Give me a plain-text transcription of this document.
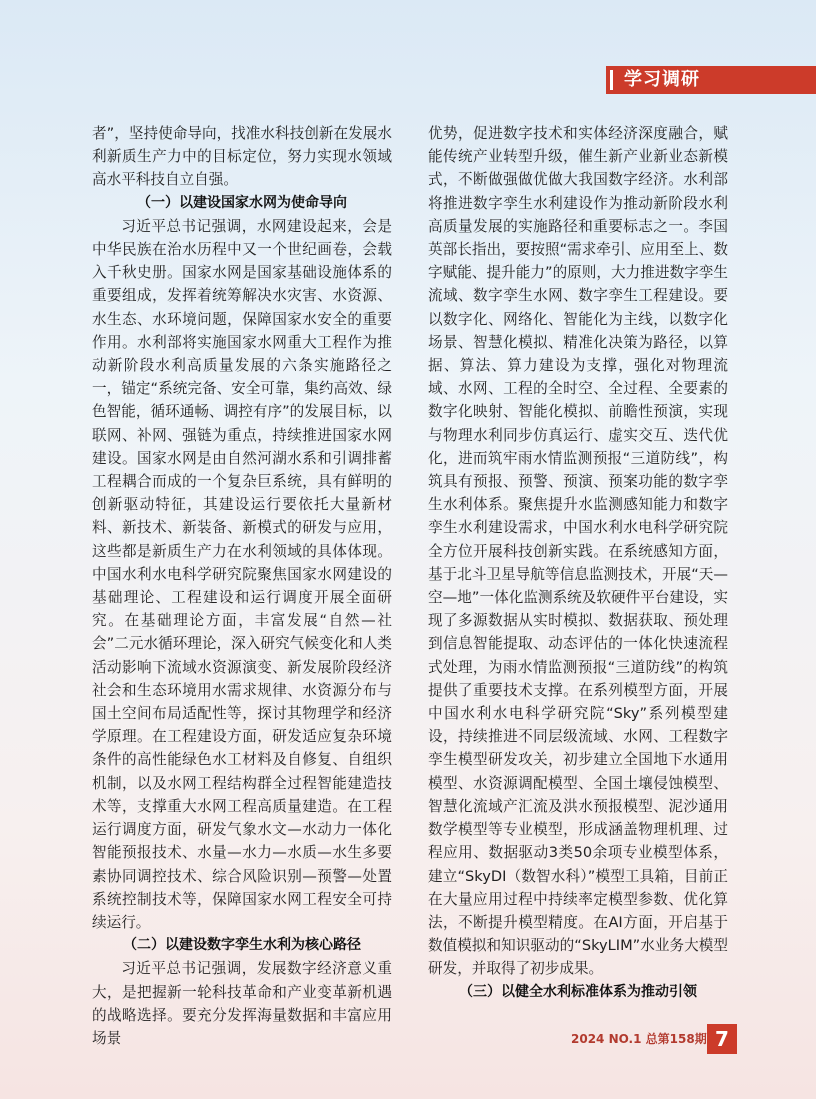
学习调研

者”，坚持使命导向，找准水科技创新在发展水利新质生产力中的目标定位，努力实现水领域高水平科技自立自强。

（一）以建设国家水网为使命导向

习近平总书记强调，水网建设起来，会是中华民族在治水历程中又一个世纪画卷，会载入千秋史册。国家水网是国家基础设施体系的重要组成，发挥着统筹解决水灾害、水资源、水生态、水环境问题，保障国家水安全的重要作用。水利部将实施国家水网重大工程作为推动新阶段水利高质量发展的六条实施路径之一，锚定“系统完备、安全可靠，集约高效、绿色智能，循环通畅、调控有序”的发展目标，以联网、补网、强链为重点，持续推进国家水网建设。国家水网是由自然河湖水系和引调排蓄工程耦合而成的一个复杂巨系统，具有鲜明的创新驱动特征，其建设运行要依托大量新材料、新技术、新装备、新模式的研发与应用，这些都是新质生产力在水利领域的具体体现。中国水利水电科学研究院聚焦国家水网建设的基础理论、工程建设和运行调度开展全面研究。在基础理论方面，丰富发展“自然—社会”二元水循环理论，深入研究气候变化和人类活动影响下流域水资源演变、新发展阶段经济社会和生态环境用水需求规律、水资源分布与国土空间布局适配性等，探讨其物理学和经济学原理。在工程建设方面，研发适应复杂环境条件的高性能绿色水工材料及自修复、自组织机制，以及水网工程结构群全过程智能建造技术等，支撑重大水网工程高质量建造。在工程运行调度方面，研发气象水文—水动力一体化智能预报技术、水量—水力—水质—水生多要素协同调控技术、综合风险识别—预警—处置系统控制技术等，保障国家水网工程安全可持续运行。

（二）以建设数字孪生水利为核心路径

习近平总书记强调，发展数字经济意义重大，是把握新一轮科技革命和产业变革新机遇的战略选择。要充分发挥海量数据和丰富应用场景

优势，促进数字技术和实体经济深度融合，赋能传统产业转型升级，催生新产业新业态新模式，不断做强做优做大我国数字经济。水利部将推进数字孪生水利建设作为推动新阶段水利高质量发展的实施路径和重要标志之一。李国英部长指出，要按照“需求牵引、应用至上、数字赋能、提升能力”的原则，大力推进数字孪生流域、数字孪生水网、数字孪生工程建设。要以数字化、网络化、智能化为主线，以数字化场景、智慧化模拟、精准化决策为路径，以算据、算法、算力建设为支撑，强化对物理流域、水网、工程的全时空、全过程、全要素的数字化映射、智能化模拟、前瞻性预演，实现与物理水利同步仿真运行、虚实交互、迭代优化，进而筑牢雨水情监测预报“三道防线”，构筑具有预报、预警、预演、预案功能的数字孪生水利体系。聚焦提升水监测感知能力和数字孪生水利建设需求，中国水利水电科学研究院全方位开展科技创新实践。在系统感知方面，基于北斗卫星导航等信息监测技术，开展“天—空—地”一体化监测系统及软硬件平台建设，实现了多源数据从实时模拟、数据获取、预处理到信息智能提取、动态评估的一体化快速流程式处理，为雨水情监测预报“三道防线”的构筑提供了重要技术支撑。在系列模型方面，开展中国水利水电科学研究院“Sky”系列模型建设，持续推进不同层级流域、水网、工程数字孪生模型研发攻关，初步建立全国地下水通用模型、水资源调配模型、全国土壤侵蚀模型、智慧化流域产汇流及洪水预报模型、泥沙通用数学模型等专业模型，形成涵盖物理机理、过程应用、数据驱动3类50余项专业模型体系，建立“SkyDI（数智水科）”模型工具箱，目前正在大量应用过程中持续率定模型参数、优化算法，不断提升模型精度。在AI方面，开启基于数值模拟和知识驱动的“SkyLIM”水业务大模型研发，并取得了初步成果。

（三）以健全水利标准体系为推动引领
2024 NO.1 总第158期 7
